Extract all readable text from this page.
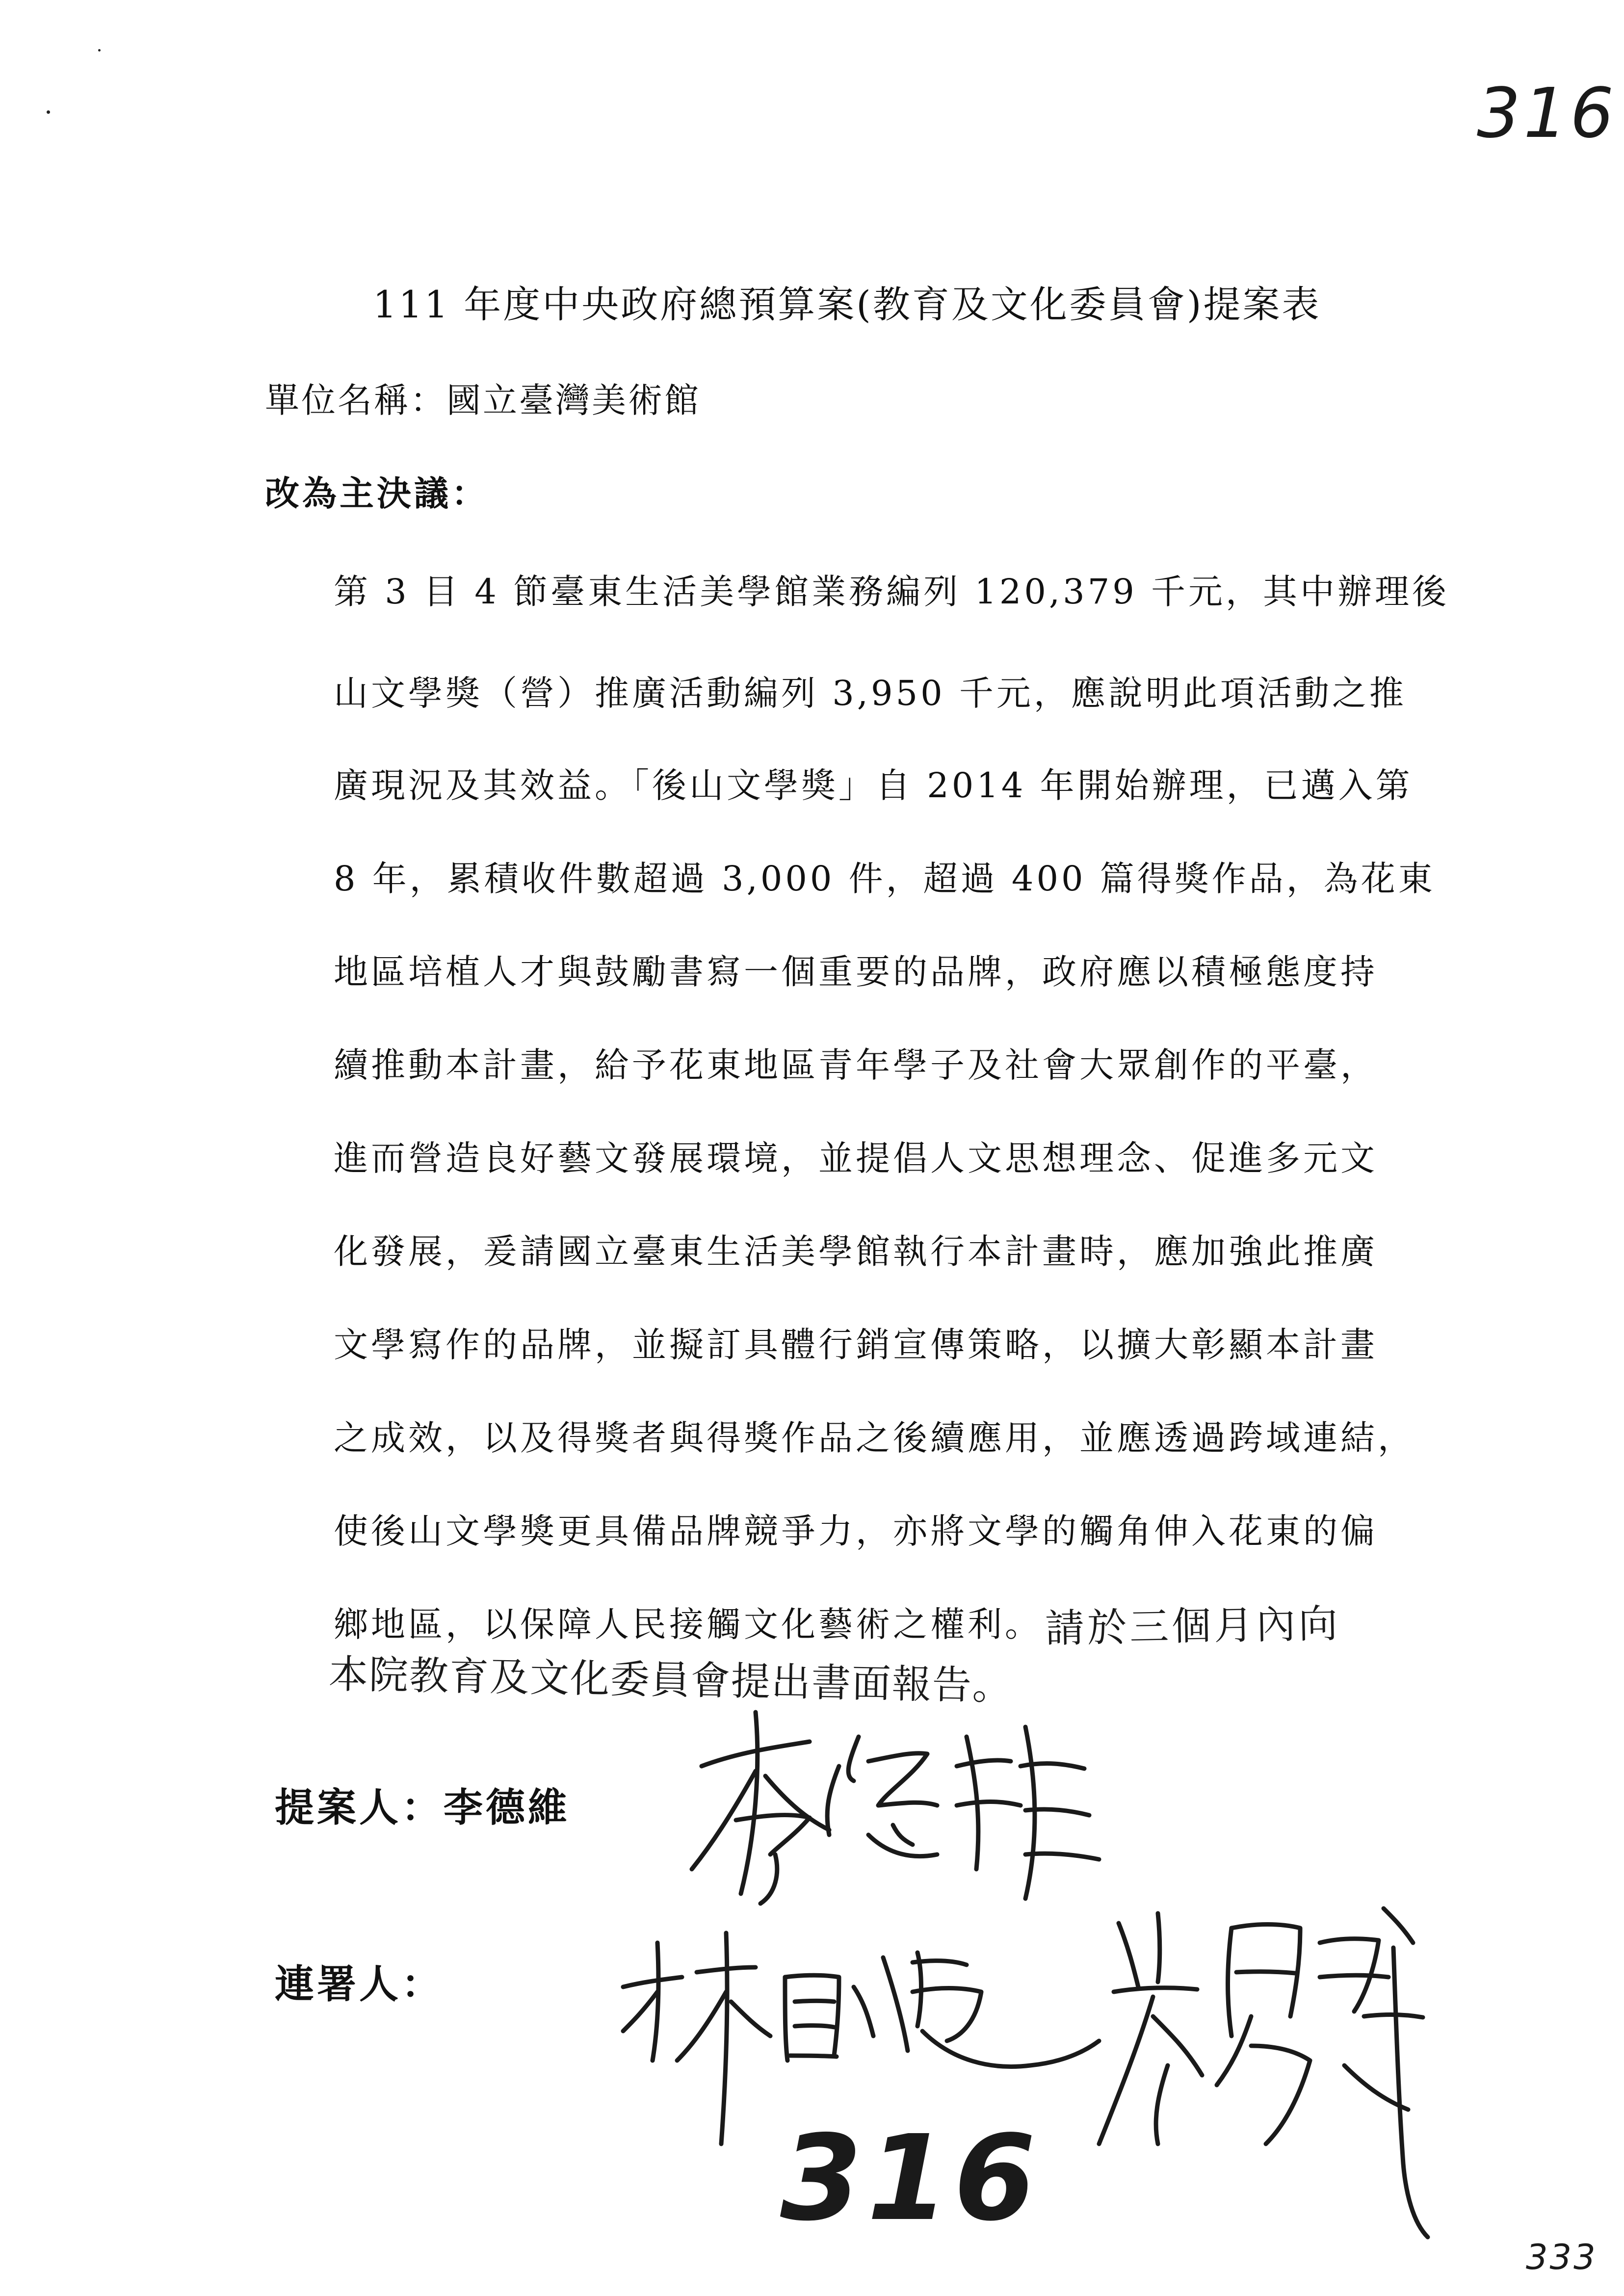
316
111 年度中央政府總預算案(教育及文化委員會)提案表
單位名稱：國立臺灣美術館
改為主決議：
第 3 目 4 節臺東生活美學館業務編列 120,379 千元，其中辦理後
山文學獎（營）推廣活動編列 3,950 千元，應說明此項活動之推
廣現況及其效益。「後山文學獎」自 2014 年開始辦理，已邁入第
8 年，累積收件數超過 3,000 件，超過 400 篇得獎作品，為花東
地區培植人才與鼓勵書寫一個重要的品牌，政府應以積極態度持
續推動本計畫，給予花東地區青年學子及社會大眾創作的平臺，
進而營造良好藝文發展環境，並提倡人文思想理念、促進多元文
化發展，爰請國立臺東生活美學館執行本計畫時，應加強此推廣
文學寫作的品牌，並擬訂具體行銷宣傳策略，以擴大彰顯本計畫
之成效，以及得獎者與得獎作品之後續應用，並應透過跨域連結，
使後山文學獎更具備品牌競爭力，亦將文學的觸角伸入花東的偏
鄉地區，以保障人民接觸文化藝術之權利。 請於三個月內向
本院教育及文化委員會提出書面報告。
提案人：李德維
連署人：
316
333
